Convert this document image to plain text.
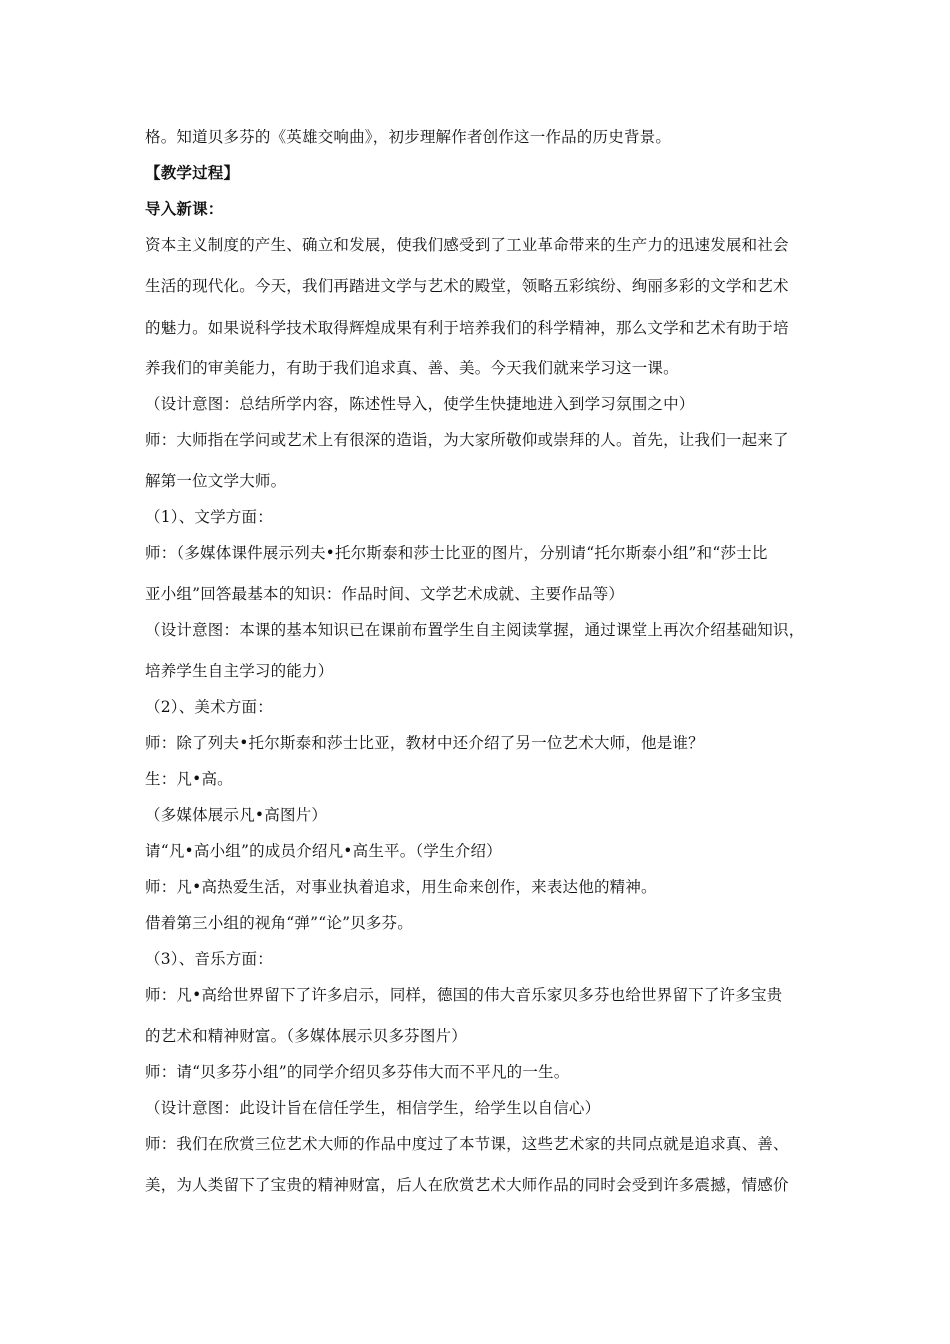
格。知道贝多芬的《英雄交响曲》，初步理解作者创作这一作品的历史背景。
【教学过程】
导入新课：
资本主义制度的产生、确立和发展，使我们感受到了工业革命带来的生产力的迅速发展和社会
生活的现代化。今天，我们再踏进文学与艺术的殿堂，领略五彩缤纷、绚丽多彩的文学和艺术
的魅力。如果说科学技术取得辉煌成果有利于培养我们的科学精神，那么文学和艺术有助于培
养我们的审美能力，有助于我们追求真、善、美。今天我们就来学习这一课。
（设计意图：总结所学内容，陈述性导入，使学生快捷地进入到学习氛围之中）
师：大师指在学问或艺术上有很深的造诣，为大家所敬仰或崇拜的人。首先，让我们一起来了
解第一位文学大师。
（1）、文学方面：
师：（多媒体课件展示列夫•托尔斯泰和莎士比亚的图片，分别请“托尔斯泰小组”和“莎士比
亚小组”回答最基本的知识：作品时间、文学艺术成就、主要作品等）
（设计意图：本课的基本知识已在课前布置学生自主阅读掌握，通过课堂上再次介绍基础知识，
培养学生自主学习的能力）
（2）、美术方面：
师：除了列夫•托尔斯泰和莎士比亚，教材中还介绍了另一位艺术大师，他是谁？
生：凡•高。
（多媒体展示凡•高图片）
请“凡•高小组”的成员介绍凡•高生平。（学生介绍）
师：凡•高热爱生活，对事业执着追求，用生命来创作，来表达他的精神。
借着第三小组的视角“弹”“论”贝多芬。
（3）、音乐方面：
师：凡•高给世界留下了许多启示，同样，德国的伟大音乐家贝多芬也给世界留下了许多宝贵
的艺术和精神财富。（多媒体展示贝多芬图片）
师：请“贝多芬小组”的同学介绍贝多芬伟大而不平凡的一生。
（设计意图：此设计旨在信任学生，相信学生，给学生以自信心）
师：我们在欣赏三位艺术大师的作品中度过了本节课，这些艺术家的共同点就是追求真、善、
美，为人类留下了宝贵的精神财富，后人在欣赏艺术大师作品的同时会受到许多震撼，情感价
